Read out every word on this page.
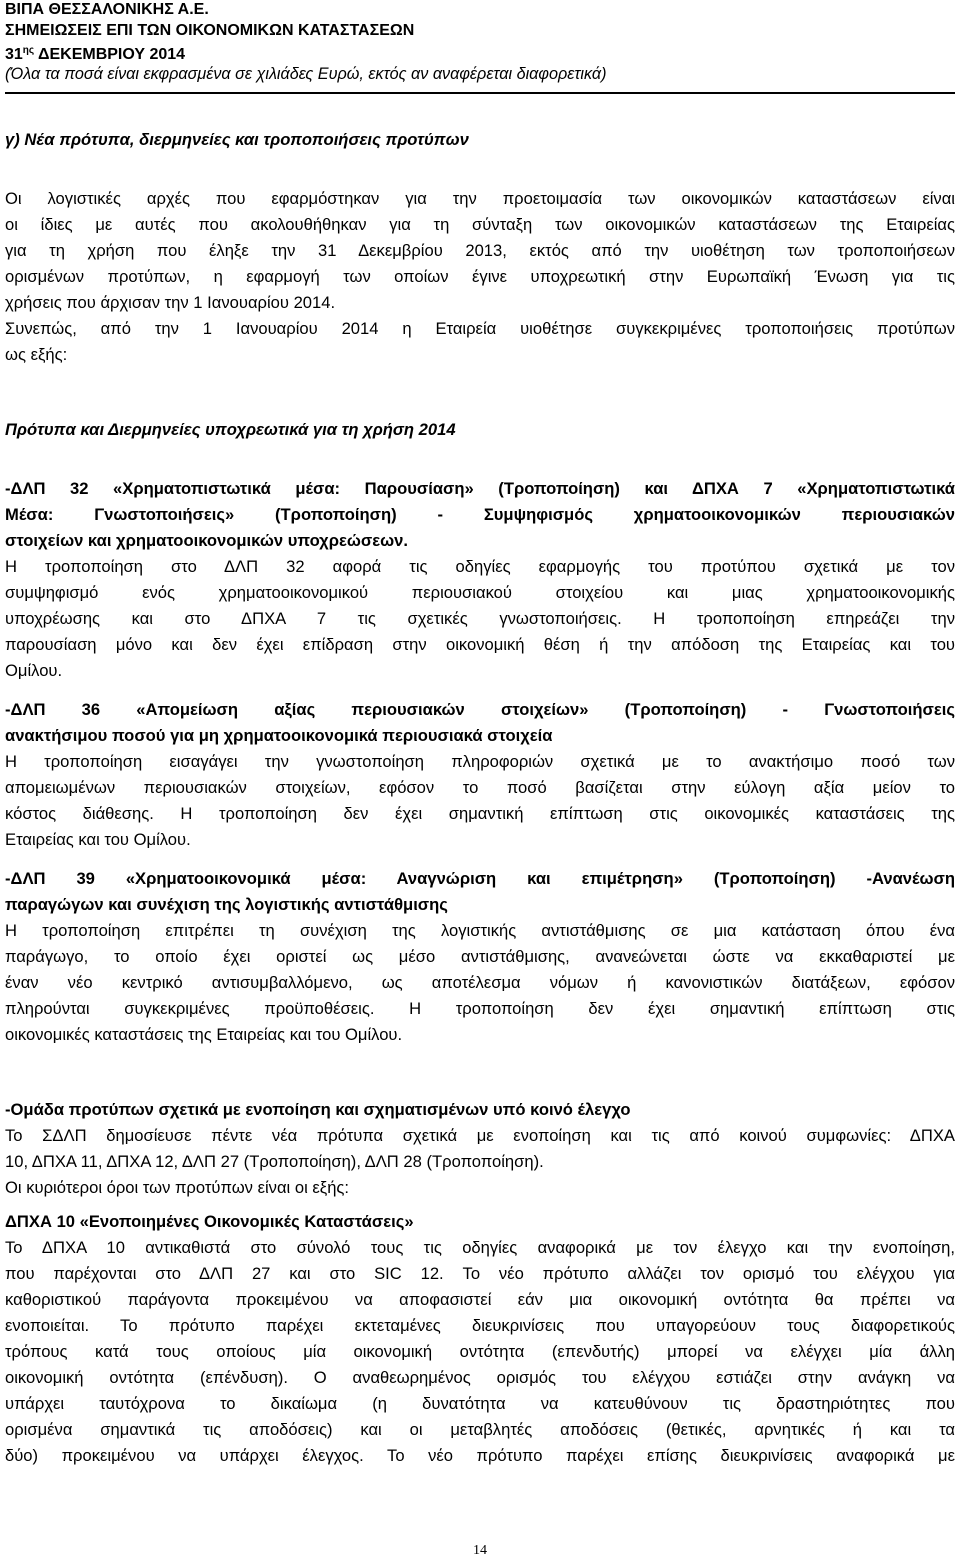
ΒΙΠΑ ΘΕΣΣΑΛΟΝΙΚΗΣ Α.Ε.
ΣΗΜΕΙΩΣΕΙΣ ΕΠΙ ΤΩΝ ΟΙΚΟΝΟΜΙΚΩΝ ΚΑΤΑΣΤΑΣΕΩΝ
$31^{\eta\varsigma}$ ΔΕΚΕΜΒΡΙΟΥ 2014
(Όλα τα ποσά είναι εκφρασμένα σε χιλιάδες Ευρώ, εκτός αν αναφέρεται διαφορετικά)
γ) Νέα πρότυπα, διερμηνείες και τροποποιήσεις προτύπων

Οι λογιστικές αρχές που εφαρμόστηκαν για την προετοιμασία των οικονομικών καταστάσεων είναι

οι ίδιες με αυτές που ακολουθήθηκαν για τη σύνταξη των οικονομικών καταστάσεων της Εταιρείας

για τη χρήση που έληξε την 31 Δεκεμβρίου 2013, εκτός από την υιοθέτηση των τροποποιήσεων

ορισμένων προτύπων, η εφαρμογή των οποίων έγινε υποχρεωτική στην Ευρωπαϊκή Ένωση για τις

χρήσεις που άρχισαν την 1 Ιανουαρίου 2014.

Συνεπώς, από την 1 Ιανουαρίου 2014 η Εταιρεία υιοθέτησε συγκεκριμένες τροποποιήσεις προτύπων

ως εξής:

Πρότυπα και Διερμηνείες υποχρεωτικά για τη χρήση 2014

-ΔΛΠ 32 «Χρηματοπιστωτικά μέσα: Παρουσίαση» (Τροποποίηση) και ΔΠΧΑ 7 «Χρηματοπιστωτικά

Μέσα: Γνωστοποιήσεις» (Τροποποίηση) - Συμψηφισμός χρηματοοικονομικών περιουσιακών

στοιχείων και χρηματοοικονομικών υποχρεώσεων.

Η τροποποίηση στο ΔΛΠ 32 αφορά τις οδηγίες εφαρμογής του προτύπου σχετικά με τον

συμψηφισμό ενός χρηματοοικονομικού περιουσιακού στοιχείου και μιας χρηματοοικονομικής

υποχρέωσης και στο ΔΠΧΑ 7 τις σχετικές γνωστοποιήσεις. Η τροποποίηση επηρεάζει την

παρουσίαση μόνο και δεν έχει επίδραση στην οικονομική θέση ή την απόδοση της Εταιρείας και του

Ομίλου.

-ΔΛΠ 36 «Απομείωση αξίας περιουσιακών στοιχείων» (Τροποποίηση) - Γνωστοποιήσεις

ανακτήσιμου ποσού για μη χρηματοοικονομικά περιουσιακά στοιχεία

Η τροποποίηση εισαγάγει την γνωστοποίηση πληροφοριών σχετικά με το ανακτήσιμο ποσό των

απομειωμένων περιουσιακών στοιχείων, εφόσον το ποσό βασίζεται στην εύλογη αξία μείον το

κόστος διάθεσης. Η τροποποίηση δεν έχει σημαντική επίπτωση στις οικονομικές καταστάσεις της

Εταιρείας και του Ομίλου.

-ΔΛΠ 39 «Χρηματοοικονομικά μέσα: Αναγνώριση και επιμέτρηση» (Τροποποίηση) -Ανανέωση

παραγώγων και συνέχιση της λογιστικής αντιστάθμισης

Η τροποποίηση επιτρέπει τη συνέχιση της λογιστικής αντιστάθμισης σε μια κατάσταση όπου ένα

παράγωγο, το οποίο έχει οριστεί ως μέσο αντιστάθμισης, ανανεώνεται ώστε να εκκαθαριστεί με

έναν νέο κεντρικό αντισυμβαλλόμενο, ως αποτέλεσμα νόμων ή κανονιστικών διατάξεων, εφόσον

πληρούνται συγκεκριμένες προϋποθέσεις. Η τροποποίηση δεν έχει σημαντική επίπτωση στις

οικονομικές καταστάσεις της Εταιρείας και του Ομίλου.

-Ομάδα προτύπων σχετικά με ενοποίηση και σχηματισμένων υπό κοινό έλεγχο

Το ΣΔΛΠ δημοσίευσε πέντε νέα πρότυπα σχετικά με ενοποίηση και τις από κοινού συμφωνίες: ΔΠΧΑ

10, ΔΠΧΑ 11, ΔΠΧΑ 12, ΔΛΠ 27 (Τροποποίηση), ΔΛΠ 28 (Τροποποίηση).

Οι κυριότεροι όροι των προτύπων είναι οι εξής:

ΔΠΧΑ 10 «Ενοποιημένες Οικονομικές Καταστάσεις»

Το ΔΠΧΑ 10 αντικαθιστά στο σύνολό τους τις οδηγίες αναφορικά με τον έλεγχο και την ενοποίηση,

που παρέχονται στο ΔΛΠ 27 και στο SIC 12. Το νέο πρότυπο αλλάζει τον ορισμό του ελέγχου για

καθοριστικού παράγοντα προκειμένου να αποφασιστεί εάν μια οικονομική οντότητα θα πρέπει να

ενοποιείται. Το πρότυπο παρέχει εκτεταμένες διευκρινίσεις που υπαγορεύουν τους διαφορετικούς

τρόπους κατά τους οποίους μία οικονομική οντότητα (επενδυτής) μπορεί να ελέγχει μία άλλη

οικονομική οντότητα (επένδυση). Ο αναθεωρημένος ορισμός του ελέγχου εστιάζει στην ανάγκη να

υπάρχει ταυτόχρονα το δικαίωμα (η δυνατότητα να κατευθύνουν τις δραστηριότητες που

ορισμένα σημαντικά τις αποδόσεις) και οι μεταβλητές αποδόσεις (θετικές, αρνητικές ή και τα

δύο) προκειμένου να υπάρχει έλεγχος. Το νέο πρότυπο παρέχει επίσης διευκρινίσεις αναφορικά με

14
